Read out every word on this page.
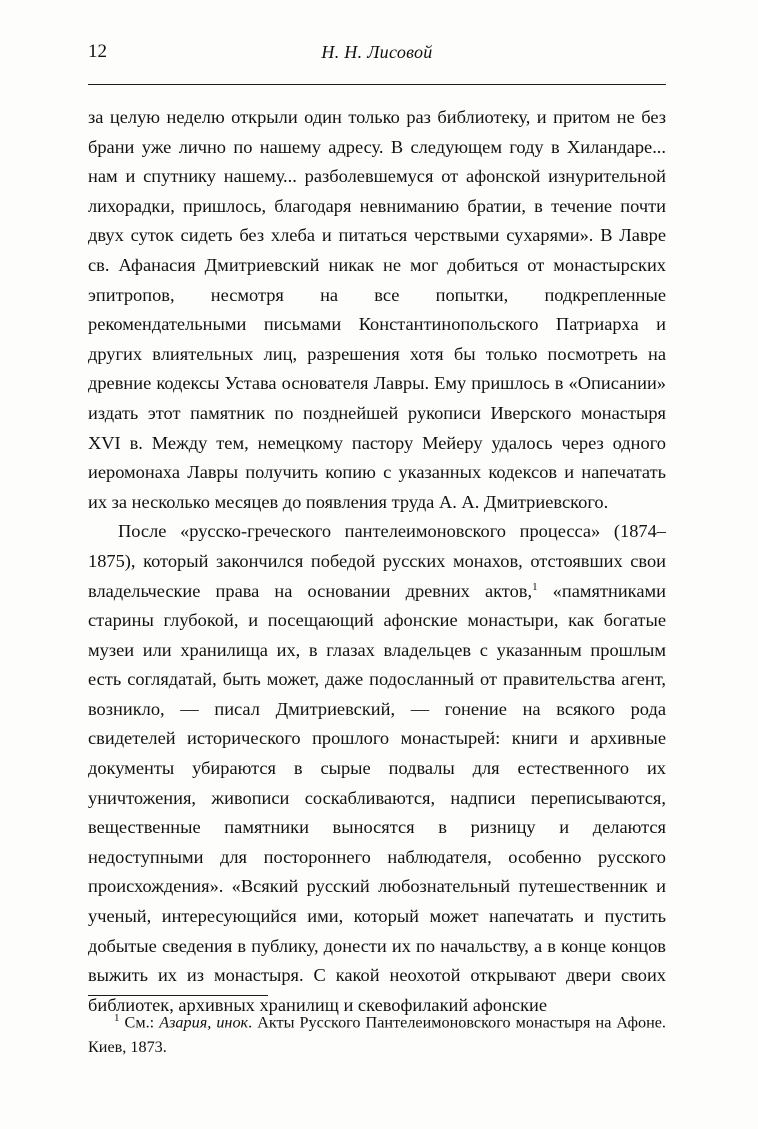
12	Н. Н. Лисовой

за целую неделю открыли один только раз библиотеку, и притом не без брани уже лично по нашему адресу. В следующем году в Хиландаре... нам и спутнику нашему... разболевшемуся от афонской изнурительной лихорадки, пришлось, благодаря невниманию братии, в течение почти двух суток сидеть без хлеба и питаться черствыми сухарями». В Лавре св. Афанасия Дмитриевский никак не мог добиться от монастырских эпитропов, несмотря на все попытки, подкрепленные рекомендательными письмами Константинопольского Патриарха и других влиятельных лиц, разрешения хотя бы только посмотреть на древние кодексы Устава основателя Лавры. Ему пришлось в «Описании» издать этот памятник по позднейшей рукописи Иверского монастыря XVI в. Между тем, немецкому пастору Мейеру удалось через одного иеромонаха Лавры получить копию с указанных кодексов и напечатать их за несколько месяцев до появления труда А. А. Дмитриевского.

После «русско-греческого пантелеимоновского процесса» (1874–1875), который закончился победой русских монахов, отстоявших свои владельческие права на основании древних актов,$^1$ «памятниками старины глубокой, и посещающий афонские монастыри, как богатые музеи или хранилища их, в глазах владельцев с указанным прошлым есть соглядатай, быть может, даже подосланный от правительства агент, возникло, — писал Дмитриевский, — гонение на всякого рода свидетелей исторического прошлого монастырей: книги и архивные документы убираются в сырые подвалы для естественного их уничтожения, живописи соскабливаются, надписи переписываются, вещественные памятники выносятся в ризницу и делаются недоступными для постороннего наблюдателя, особенно русского происхождения». «Всякий русский любознательный путешественник и ученый, интересующийся ими, который может напечатать и пустить добытые сведения в публику, донести их по начальству, а в конце концов выжить их из монастыря. С какой неохотой открывают двери своих библиотек, архивных хранилищ и скевофилакий афонские

$^1$ См.: Азария, инок. Акты Русского Пантелеимоновского монастыря на Афоне. Киев, 1873.
